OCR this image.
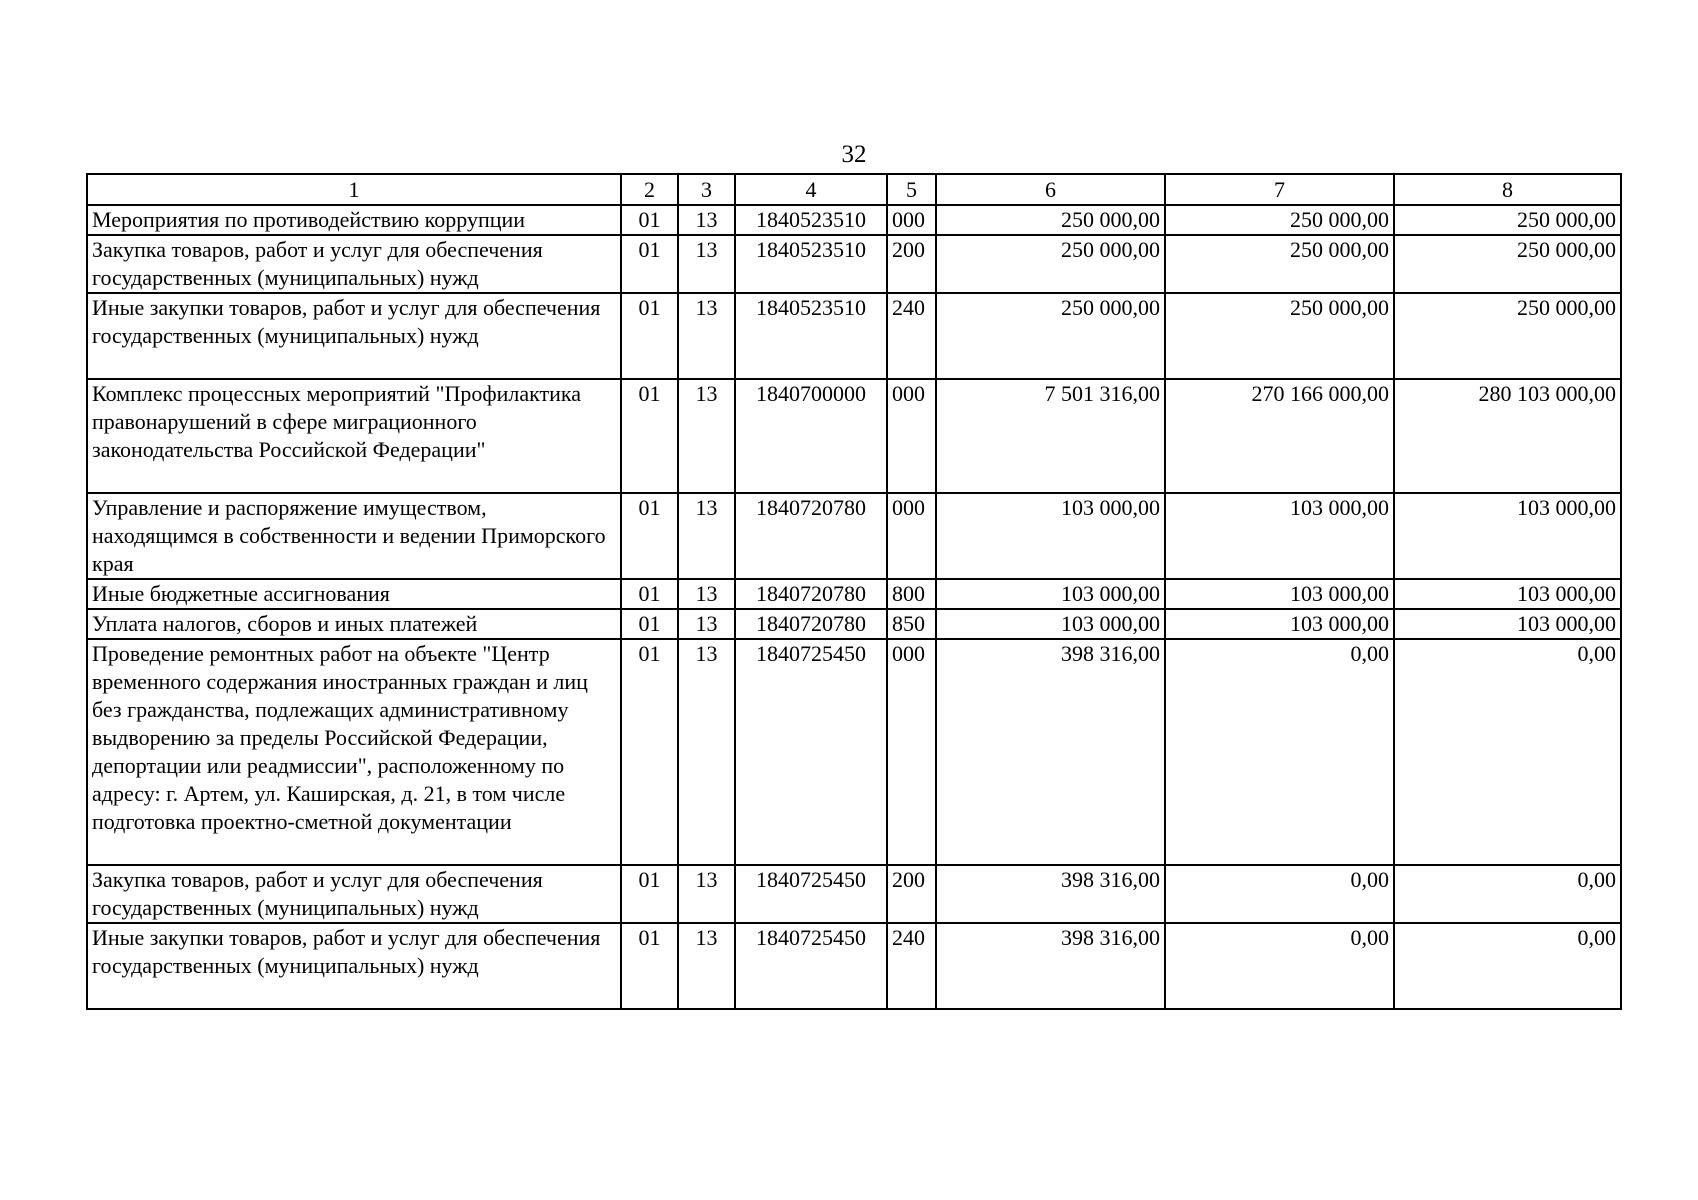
32
1	2	3	4	5	6	7	8
Мероприятия по противодействию коррупции	01	13	1840523510	000	250 000,00	250 000,00	250 000,00
Закупка товаров, работ и услуг для обеспечения государственных (муниципальных) нужд	01	13	1840523510	200	250 000,00	250 000,00	250 000,00
Иные закупки товаров, работ и услуг для обеспечения государственных (муниципальных) нужд	01	13	1840523510	240	250 000,00	250 000,00	250 000,00
Комплекс процессных мероприятий "Профилактика правонарушений в сфере миграционного законодательства Российской Федерации"	01	13	1840700000	000	7 501 316,00	270 166 000,00	280 103 000,00
Управление и распоряжение имуществом, находящимся в собственности и ведении Приморского края	01	13	1840720780	000	103 000,00	103 000,00	103 000,00
Иные бюджетные ассигнования	01	13	1840720780	800	103 000,00	103 000,00	103 000,00
Уплата налогов, сборов и иных платежей	01	13	1840720780	850	103 000,00	103 000,00	103 000,00
Проведение ремонтных работ на объекте "Центр временного содержания иностранных граждан и лиц без гражданства, подлежащих административному выдворению за пределы Российской Федерации, депортации или реадмиссии", расположенному по адресу: г. Артем, ул. Каширская, д. 21, в том числе подготовка проектно-сметной документации	01	13	1840725450	000	398 316,00	0,00	0,00
Закупка товаров, работ и услуг для обеспечения государственных (муниципальных) нужд	01	13	1840725450	200	398 316,00	0,00	0,00
Иные закупки товаров, работ и услуг для обеспечения государственных (муниципальных) нужд	01	13	1840725450	240	398 316,00	0,00	0,00
